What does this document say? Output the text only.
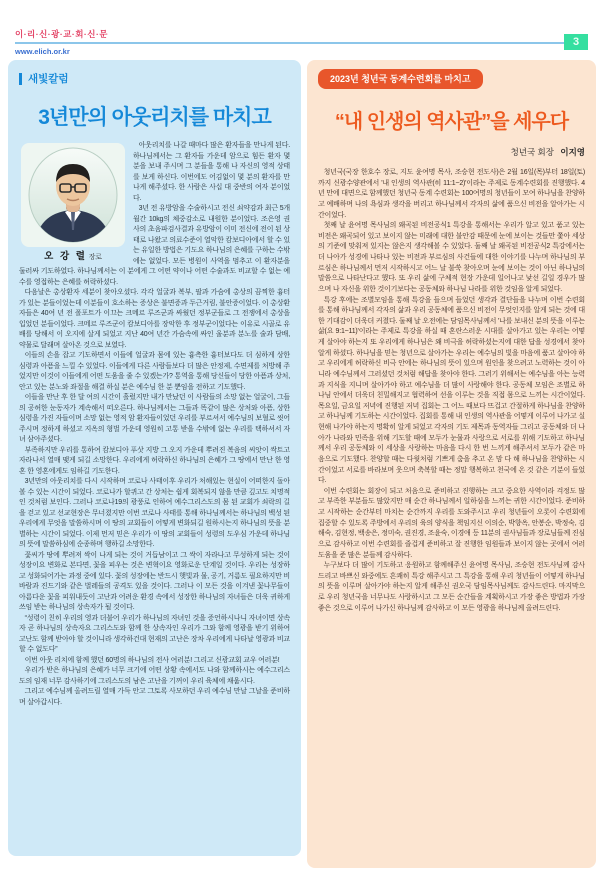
이·리·신·광·교·회·신·문
www.elich.or.kr
3
새빛칼럼
3년만의 아웃리치를 마치고
오 강 렬 장로

아웃리치를 나갈 때마다 많은 환자들을 만나게 된다. 하나님께서는 그 환자들 가운데 암으로 힘든 환자 몇 분을 보내 주시며 그 분들을 통해 나 자신의 영적 상태를 보게 하신다. 이번에도 어김없이 몇 분의 환자를 만나게 해주셨다. 한 사람은 사십 대 중반의 여자 분이었다.

3년 전 유방암을 수술하시고 전신 쇠약감과 최근 5개월간 10kg의 체중감소로 내원한 분이었다. 조은영 권사의 초음파검사결과 유방암이 이미 전신에 전이 된 상태로 나왔고 의료수준이 열악한 캄보디아에서 할 수 있는 유일한 방법은 기도요 하나님의 은혜를 구하는 수밖에는 없었다. 모든 병원이 사역을 멈추고 이 환자분을 둘러싸 기도하였다. 하나님께서는 이 분에게 그 어떤 약이나 어떤 수술과도 비교할 수 없는 예수를 영접하는 은혜를 허락하셨다.

다음날은 총상환자 세분이 찾아오셨다. 각각 얼굴과 복부, 팔과 가슴에 총상의 끔찍한 흉터가 있는 분들이었는데 이분들이 호소하는 증상은 불면증과 두근거림, 불안증이었다. 이 총상환자들은 40여 년 전 폴포트가 이끄는 크메르 루즈군과 싸웠던 정부군들로 그 전쟁에서 총상을 입었던 분들이었다. 크메르 루즈군이 캄보디아를 장악한 후 정부군이었다는 이유로 시골로 유배를 당해서 이 오지에 살게 되었고 지난 40여 년간 가슴속에 싸인 울분과 분노를 술과 담배, 약물로 달래며 살아온 것으로 보였다.

이들의 손을 잡고 기도하면서 이들에 얼굴과 몸에 있는 흉측한 흉터보다도 더 심하게 상한 심령과 아픔을 느낄 수 있었다. 이들에게 다른 사람들보다 더 많은 안정제, 수면제를 처방해 주었지만 이것이 이들에게 어떤 도움을 줄 수 있겠는가? 통역을 통해 당신들이 당한 아픔과 상처, 안고 있는 분노와 좌절을 해결 하실 분은 예수님 한 분 뿐임을 전하고 기도했다.

이들을 만난 후 한 달 여의 시간이 흘렀지만 내가 만났던 이 사람들의 소망 없는 얼굴이, 그들의 공허한 눈동자가 계속해서 떠오른다. 하나님께서는 그들과 똑같이 많은 상처와 아픔, 상한 심령을 가진 자들이며 소망 없는 영적 암 환자들이었던 우리를 부르셔서 예수님의 보혈로 씻어주시며 정하게 하셨고 지옥의 형벌 가운데 영원히 고통 받을 수밖에 없는 우리를 택하셔서 자녀 삼아주셨다.

부족하지만 우리를 통하여 캄보디아 푸삿 지방 그 오지 가운데 뿌려진 복음의 씨앗이 싹트고 자라나서 열매 맺게 되길 소망한다. 우리에게 허락하신 하나님의 은혜가 그 땅에서 만난 한 영혼 한 영혼에게도 임하길 기도한다.

3년만의 아웃리치를 다시 시작하며 코로나 사태이후 우리가 처해있는 현실이 어떠한지 돌아볼 수 있는 시간이 되었다. 코로나가 할퀴고 간 상처는 쉽게 회복되지 않을 만큼 깊고도 치명적인 것처럼 보인다. 그러나 코로나19의 광풍로 인하여 예수그리스도의 몸 된 교회가 쇠락의 길을 걷고 있고 선교현장은 무너졌지만 이번 코로나 사태를 통해 하나님께서는 하나님의 백성 된 우리에게 무엇을 말씀하시며 이 땅의 교회들이 어떻게 변화되길 원하시는지 하나님의 뜻을 분별하는 시간이 되었다. 이제 먼저 믿은 우리가 이 땅의 교회들이 성령의 도우심 가운데 하나님의 뜻에 말씀하심에 순종하며 행하길 소망한다.

꽃씨가 땅에 뿌려져 싹이 나게 되는 것이 거듭남이고 그 싹이 자라나고 무성하게 되는 것이 성장이요 변화로 본다면, 꽃을 피우는 것은 변혁이요 영화로운 단계일 것이다. 우리는 성장하고 성화되어가는 과정 중에 있다. 꽃의 성장에는 반드시 햇빛과 물, 공기, 거름도 필요하지만 비바람과 진드기와 같은 벌레들의 공격도 있을 것이다. 그러나 이 모든 것을 이겨낸 꽃나무들이 아름다운 꽃을 피워내듯이 고난과 어려운 환경 속에서 성장한 하나님의 자녀들은 더욱 귀하게 쓰임 받는 하나님의 상속자가 될 것이다.

“성령이 친히 우리의 영과 더불어 우리가 하나님의 자녀인 것을 증언하시나니 자녀이면 상속자 곧 하나님의 상속자요 그리스도와 함께 한 상속자인 우리가 그와 함께 영광을 받기 위하여 고난도 함께 받아야 할 것이니라 생각하건대 현재의 고난은 장차 우리에게 나타날 영광과 비교할 수 없도다”

이번 아웃 리치에 함께 했던 60명의 하나님의 전사 여러분! 그리고 신광교회 교우 여러분!

우리가 받은 하나님의 은혜가 너무 크기에 어떤 상황 속에서도 나와 함께하시는 예수그리스도의 임재 너무 감사하기에 그리스도의 남은 고난을 기꺼이 우리 육체에 채웁시다.

그리고 예수님께 올려드릴 열매 가득 안고 그토록 사모하던 우리 예수님 만날 그날을 준비하며 살아갑시다.

2023년 청년국 동계수련회를 마치고
“내 인생의 역사관”을 세우다
청년국 회장 이지영

청년국(국장 한호수 장로, 지도 윤여명 목사, 조승현 전도사)은 2월 16일(목)부터 18일(토)까지 신광수양관에서 '내 인생의 역사관(히 11:1~2)'이라는 주제로 동계수련회를 진행했다. 4년 만에 대면으로 함께했던 청년국 동계 수련회는 100여명의 청년들이 모여 하나님을 찬양하고 예배하며 나의 욕심과 생각을 버리고 하나님께서 각자의 삶에 품으신 비전을 알아가는 시간이었다.

첫째 날 윤여명 목사님의 왜곡된 비전공식1 특강을 통해서는 우리가 알고 있고 품고 있는 비전은 왜곡되어 있고 보이지 않는 미래에 대한 불안감 때문에 눈에 보이는 것들만 쫓아 세상의 기준에 맞춰져 있지는 않은지 생각해볼 수 있었다. 둘째 날 왜곡된 비전공식2 특강에서는 더 나아가 성경에 나타나 있는 비전과 부르심의 사건들에 대한 이야기를 나누며 하나님의 부르심은 하나님께서 먼저 시작하시고 어느 날 불쑥 찾아오며 눈에 보이는 것이 아닌 하나님의 말씀으로 나타난다고 했다. 또 우리 삶에 구체적 현장 가운데 일어나고 낯선 길일 경우가 많으며 나 자신을 위한 것이기보다는 공동체와 하나님 나라를 위한 것임을 알게 되었다.

특강 후에는 조별모임을 통해 특강을 들으며 들었던 생각과 결단들을 나누며 이번 수련회를 통해 하나님께서 각자의 삶과 우리 공동체에 품으신 비전이 무엇인지를 알게 되는 것에 대한 기대감이 더욱더 커졌다. 둘째 날 오전에는 담임목사님께서 '나를 보내신 분의 뜻을 이루는 삶(요 9:1~11)'이라는 주제로 특강을 하실 때 혼란스러운 시대를 살아가고 있는 우리는 어떻게 살아야 하는지 또 우리에게 하나님은 왜 비극을 허락하셨는지에 대한 답을 성경에서 찾아 알게 하셨다. 하나님을 믿는 청년으로 살아가는 우리는 예수님의 빛을 마음에 품고 살아야 하고 우리에게 허락하신 비극 안에는 하나님의 뜻이 있으며 원인을 찾으려고 노력하는 것이 아니라 예수님께서 그러셨던 것처럼 해답을 찾아야 한다. 그러기 위해서는 예수님을 아는 능력과 지식을 지니며 살아가야 하고 예수님을 더 많이 사랑해야 한다. 공동체 모임은 조별로 하나님 안에서 더욱더 친밀해지고 협력하여 선을 이루는 것을 직접 몸으로 느끼는 시간이었다. 목요일, 금요일 저녁에 진행된 저녁 집회는 그 어느 때보다 뜨겁고 간절하게 하나님을 찬양하고 하나님께 기도하는 시간이었다. 집회를 통해 내 인생의 역사관을 어떻게 이루어 나가고 실현해 나가야 하는지 명확히 알게 되었고 각자의 기도 제목과 동역자들 그리고 공동체와 더 나아가 나라와 민족을 위해 기도할 때에 모두가 눈물과 사랑으로 서로를 위해 기도하고 하나님께서 우리 공동체와 이 세상을 사랑하는 마음을 다시 한 번 느끼게 해주셔서 모두가 같은 마음으로 기도했다. 찬양할 때는 다윗처럼 기쁘게 춤을 추고 온 맘 다 해 하나님을 찬양하는 시간이었고 서로를 바라보며 웃으며 축복할 때는 정말 행복하고 천국에 온 것 같은 기분이 들었다.

이번 수련회는 회장이 되고 처음으로 준비하고 진행하는 크고 중요한 사역이라 걱정도 많고 부족한 부분들도 많았지만 매 순간 하나님께서 일하심을 느끼는 귀한 시간이었다. 준비하고 시작하는 순간부터 마치는 순간까지 우리를 도와주시고 우리 청년들이 오롯이 수련회에 집중할 수 있도록 주방에서 우리의 육의 양식을 책임지신 이의순, 박향옥, 안봉순, 박정숙, 김해숙, 김현정, 백송은, 정미숙, 권진경, 조윤숙, 이경애 등 11분의 권사님들과 장로님들께 진심으로 감사하고 이번 수련회를 즐겁게 준비하고 잘 진행한 임원들과 보이지 않는 곳에서 여러 도움을 준 많은 분들께 감사하다.

누구보다 더 많이 기도하고 응원하고 함께해주신 윤여명 목사님, 조승현 전도사님께 감사드리고 바쁘신 와중에도 흔쾌히 특강 해주시고 그 특강을 통해 우리 청년들이 어떻게 하나님의 뜻을 이루며 살아가야 하는지 알게 해주신 권오국 담임목사님께도 감사드린다. 마지막으로 우리 청년국을 너무나도 사랑하시고 그 모든 순간들을 계획하시고 가장 좋은 방법과 가장 좋은 것으로 이루어 나가신 하나님께 감사하고 이 모든 영광을 하나님께 올려드린다.
